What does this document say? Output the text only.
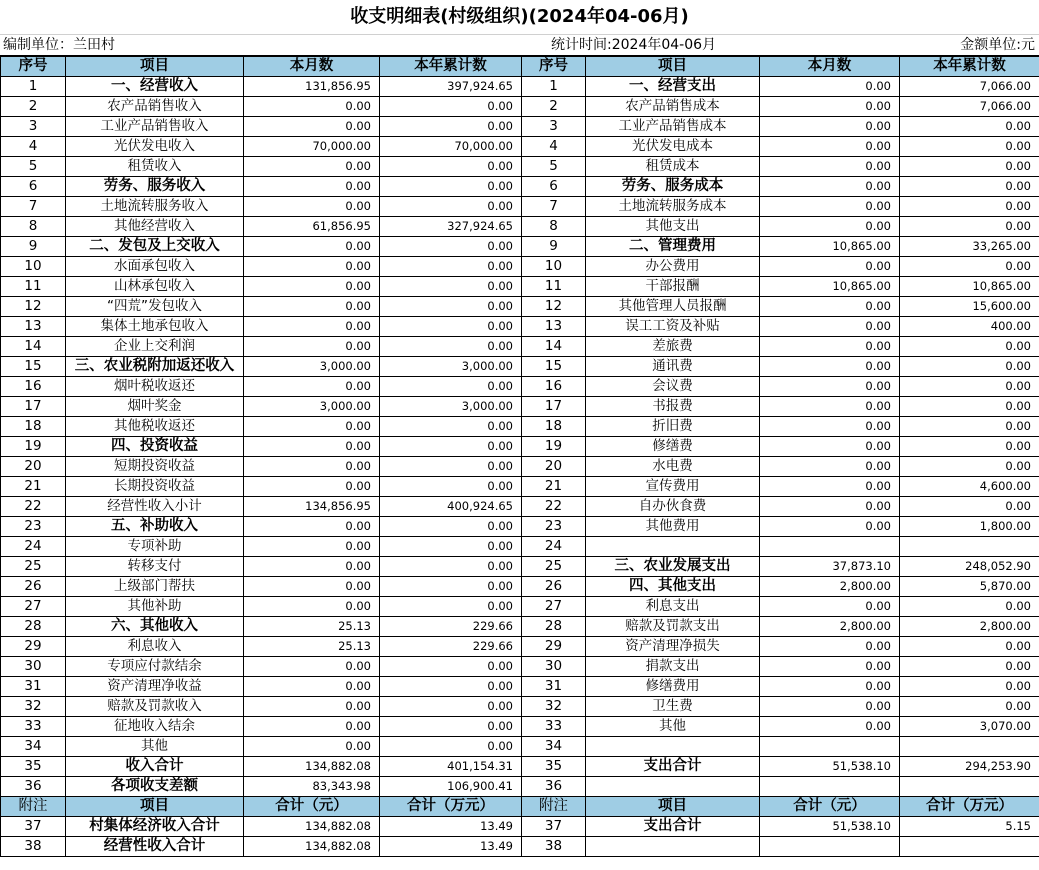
收支明细表(村级组织)(2024年04-06月)
编制单位：兰田村	统计时间:2024年04-06月	金额单位:元
序号	项目	本月数	本年累计数	序号	项目	本月数	本年累计数
1	一、经营收入	131,856.95	397,924.65	1	一、经营支出	0.00	7,066.00
2	农产品销售收入	0.00	0.00	2	农产品销售成本	0.00	7,066.00
3	工业产品销售收入	0.00	0.00	3	工业产品销售成本	0.00	0.00
4	光伏发电收入	70,000.00	70,000.00	4	光伏发电成本	0.00	0.00
5	租赁收入	0.00	0.00	5	租赁成本	0.00	0.00
6	劳务、服务收入	0.00	0.00	6	劳务、服务成本	0.00	0.00
7	土地流转服务收入	0.00	0.00	7	土地流转服务成本	0.00	0.00
8	其他经营收入	61,856.95	327,924.65	8	其他支出	0.00	0.00
9	二、发包及上交收入	0.00	0.00	9	二、管理费用	10,865.00	33,265.00
10	水面承包收入	0.00	0.00	10	办公费用	0.00	0.00
11	山林承包收入	0.00	0.00	11	干部报酬	10,865.00	10,865.00
12	“四荒”发包收入	0.00	0.00	12	其他管理人员报酬	0.00	15,600.00
13	集体土地承包收入	0.00	0.00	13	误工工资及补贴	0.00	400.00
14	企业上交利润	0.00	0.00	14	差旅费	0.00	0.00
15	三、农业税附加返还收入	3,000.00	3,000.00	15	通讯费	0.00	0.00
16	烟叶税收返还	0.00	0.00	16	会议费	0.00	0.00
17	烟叶奖金	3,000.00	3,000.00	17	书报费	0.00	0.00
18	其他税收返还	0.00	0.00	18	折旧费	0.00	0.00
19	四、投资收益	0.00	0.00	19	修缮费	0.00	0.00
20	短期投资收益	0.00	0.00	20	水电费	0.00	0.00
21	长期投资收益	0.00	0.00	21	宣传费用	0.00	4,600.00
22	经营性收入小计	134,856.95	400,924.65	22	自办伙食费	0.00	0.00
23	五、补助收入	0.00	0.00	23	其他费用	0.00	1,800.00
24	专项补助	0.00	0.00	24			
25	转移支付	0.00	0.00	25	三、农业发展支出	37,873.10	248,052.90
26	上级部门帮扶	0.00	0.00	26	四、其他支出	2,800.00	5,870.00
27	其他补助	0.00	0.00	27	利息支出	0.00	0.00
28	六、其他收入	25.13	229.66	28	赔款及罚款支出	2,800.00	2,800.00
29	利息收入	25.13	229.66	29	资产清理净损失	0.00	0.00
30	专项应付款结余	0.00	0.00	30	捐款支出	0.00	0.00
31	资产清理净收益	0.00	0.00	31	修缮费用	0.00	0.00
32	赔款及罚款收入	0.00	0.00	32	卫生费	0.00	0.00
33	征地收入结余	0.00	0.00	33	其他	0.00	3,070.00
34	其他	0.00	0.00	34			
35	收入合计	134,882.08	401,154.31	35	支出合计	51,538.10	294,253.90
36	各项收支差额	83,343.98	106,900.41	36			
附注	项目	合计（元）	合计（万元）	附注	项目	合计（元）	合计（万元）
37	村集体经济收入合计	134,882.08	13.49	37	支出合计	51,538.10	5.15
38	经营性收入合计	134,882.08	13.49	38			
